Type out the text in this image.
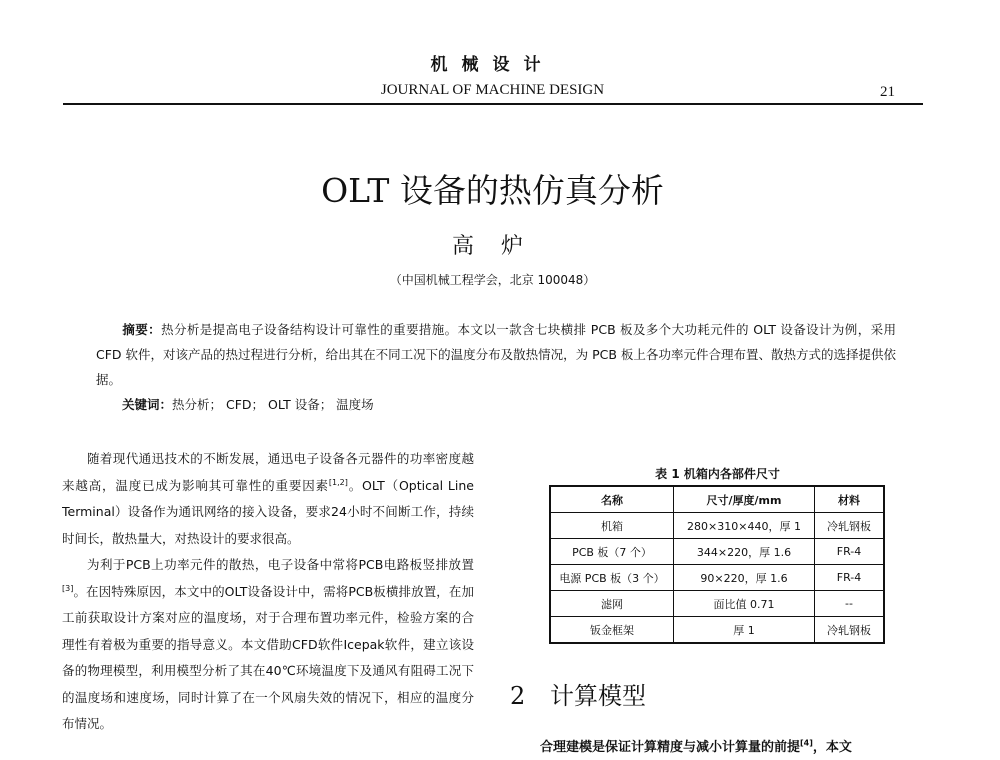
机械设计
JOURNAL OF MACHINE DESIGN	21
OLT 设备的热仿真分析
高 炉
（中国机械工程学会，北京 100048）
摘要：热分析是提高电子设备结构设计可靠性的重要措施。本文以一款含七块横排 PCB 板及多个大功耗元件的 OLT 设备设计为例，采用 CFD 软件，对该产品的热过程进行分析，给出其在不同工况下的温度分布及散热情况，为 PCB 板上各功率元件合理布置、散热方式的选择提供依据。
关键词：热分析； CFD； OLT 设备； 温度场

随着现代通迅技术的不断发展，通迅电子设备各元器件的功率密度越来越高，温度已成为影响其可靠性的重要因素[1,2]。OLT（Optical Line Terminal）设备作为通讯网络的接入设备，要求24小时不间断工作，持续时间长，散热量大，对热设计的要求很高。

为利于PCB上功率元件的散热，电子设备中常将PCB电路板竖排放置[3]。在因特殊原因，本文中的OLT设备设计中，需将PCB板横排放置，在加工前获取设计方案对应的温度场，对于合理布置功率元件，检验方案的合理性有着极为重要的指导意义。本文借助CFD软件Icepak软件，建立该设备的物理模型，利用模型分析了其在40℃环境温度下及通风有阻碍工况下的温度场和速度场，同时计算了在一个风扇失效的情况下，相应的温度分布情况。

表 1 机箱内各部件尺寸
名称	尺寸/厚度/mm	材料
机箱	280×310×440，厚 1	冷轧钢板
PCB 板（7 个）	344×220，厚 1.6	FR-4
电源 PCB 板（3 个）	90×220，厚 1.6	FR-4
滤网	面比值 0.71	--
钣金框架	厚 1	冷轧钢板
2 计算模型
合理建模是保证计算精度与减小计算量的前提[4]，本文
